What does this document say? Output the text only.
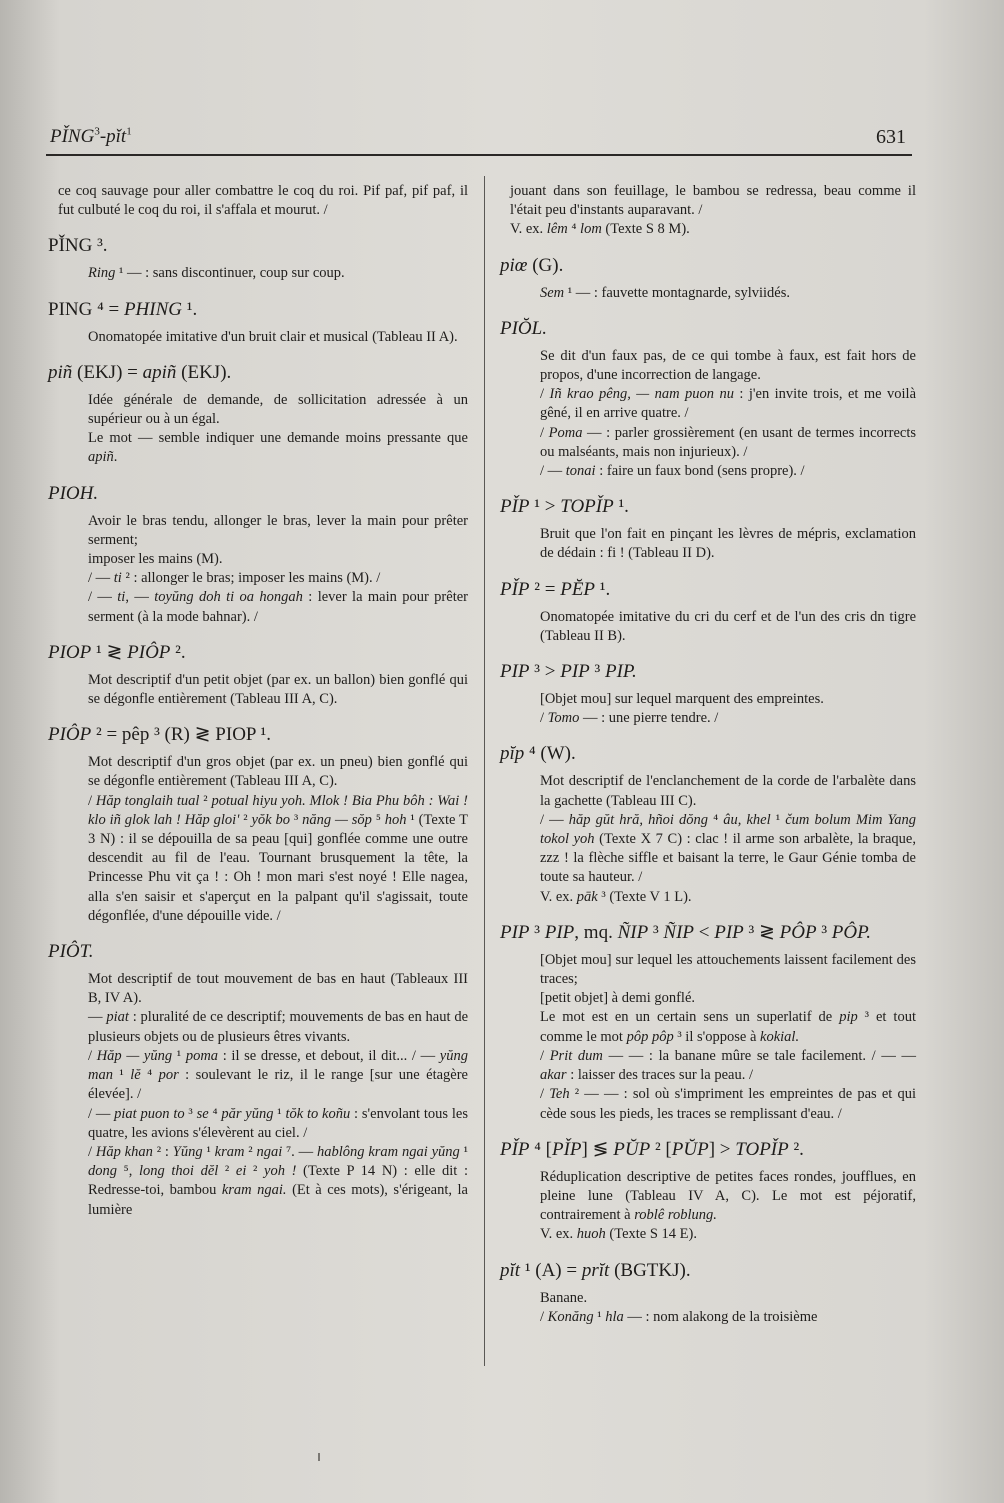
PǏNG$^3$-pǐt$^1$	631

ce coq sauvage pour aller combattre le coq du roi. Pif paf, pif paf, il fut culbuté le coq du roi, il s'affala et mourut. /

PǏNG ³.

Ring ¹ — : sans discontinuer, coup sur coup.

PING ⁴ = PHING ¹.

Onomatopée imitative d'un bruit clair et musical (Tableau II A).

piñ (EKJ) = apiñ (EKJ).

Idée générale de demande, de sollicitation adressée à un supérieur ou à un égal.

Le mot — semble indiquer une demande moins pressante que apiñ.

PIOH.

Avoir le bras tendu, allonger le bras, lever la main pour prêter serment;

imposer les mains (M).

/ — ti ² : allonger le bras; imposer les mains (M). /

/ — ti, — toyŭng doh ti oa hongah : lever la main pour prêter serment (à la mode bahnar). /

PIOP ¹ ≷ PIÔP ².

Mot descriptif d'un petit objet (par ex. un ballon) bien gonflé qui se dégonfle entièrement (Tableau III A, C).

PIÔP ² = pêp ³ (R) ≷ PIOP ¹.

Mot descriptif d'un gros objet (par ex. un pneu) bien gonflé qui se dégonfle entièrement (Tableau III A, C).

/ Hăp tonglaih tual ² potual hiyu yoh. Mlok ! Bia Phu bôh : Wai ! klo iñ glok lah ! Hăp gloi' ² yŏk bo ³ năng — sŏp ⁵ hoh ¹ (Texte T 3 N) : il se dépouilla de sa peau [qui] gonflée comme une outre descendit au fil de l'eau. Tournant brusquement la tête, la Princesse Phu vit ça ! : Oh ! mon mari s'est noyé ! Elle nagea, alla s'en saisir et s'aperçut en la palpant qu'il s'agissait, toute dégonflée, d'une dépouille vide. /

PIÔT.

Mot descriptif de tout mouvement de bas en haut (Tableaux III B, IV A).

— piat : pluralité de ce descriptif; mouvements de bas en haut de plusieurs objets ou de plusieurs êtres vivants.

/ Hăp — yŭng ¹ poma : il se dresse, et debout, il dit... / — yŭng man ¹ lĕ ⁴ por : soulevant le riz, il le range [sur une étagère élevée]. /

/ — piat puon to ³ se ⁴ păr yŭng ¹ tŏk to koñu : s'envolant tous les quatre, les avions s'élevèrent au ciel. /

/ Hăp khan ² : Yŭng ¹ kram ² ngai ⁷. — hablông kram ngai yŭng ¹ dong ⁵, long thoi dĕl ² ei ² yoh ! (Texte P 14 N) : elle dit : Redresse-toi, bambou kram ngai. (Et à ces mots), s'érigeant, la lumière

jouant dans son feuillage, le bambou se redressa, beau comme il l'était peu d'instants auparavant. /

V. ex. lêm ⁴ lom (Texte S 8 M).

piœ (G).

Sem ¹ — : fauvette montagnarde, sylviidés.

PIŎL.

Se dit d'un faux pas, de ce qui tombe à faux, est fait hors de propos, d'une incorrection de langage.

/ Iñ krao pêng, — nam puon nu : j'en invite trois, et me voilà gêné, il en arrive quatre. /

/ Poma — : parler grossièrement (en usant de termes incorrects ou malséants, mais non injurieux). /

/ — tonai : faire un faux bond (sens propre). /

PǏP ¹ > TOPǏP ¹.

Bruit que l'on fait en pinçant les lèvres de mépris, exclamation de dédain : fi ! (Tableau II D).

PǏP ² = PĔP ¹.

Onomatopée imitative du cri du cerf et de l'un des cris dn tigre (Tableau II B).

PIP ³ > PIP ³ PIP.

[Objet mou] sur lequel marquent des empreintes.

/ Tomo — : une pierre tendre. /

pĭp ⁴ (W).

Mot descriptif de l'enclanchement de la corde de l'arbalète dans la gachette (Tableau III C).

/ — hăp gŭt hră, hñoi dŏng ⁴ âu, khel ¹ čum bolum Mim Yang tokol yoh (Texte X 7 C) : clac ! il arme son arbalète, la braque, zzz ! la flèche siffle et baisant la terre, le Gaur Génie tomba de toute sa hauteur. /

V. ex. pāk ³ (Texte V 1 L).

PIP ³ PIP, mq. ÑIP ³ ÑIP < PIP ³ ≷ PÔP ³ PÔP.

[Objet mou] sur lequel les attouchements laissent facilement des traces;

[petit objet] à demi gonflé.

Le mot est en un certain sens un superlatif de pip ³ et tout comme le mot pôp pôp ³ il s'oppose à kokial.

/ Prit dum — — : la banane mûre se tale facilement. / — — akar : laisser des traces sur la peau. /

/ Teh ² — — : sol où s'impriment les empreintes de pas et qui cède sous les pieds, les traces se remplissant d'eau. /

PǏP ⁴ [PǏP] ≶ PŬP ² [PŬP] > TOPǏP ².

Réduplication descriptive de petites faces rondes, joufflues, en pleine lune (Tableau IV A, C). Le mot est péjoratif, contrairement à roblê roblung.

V. ex. huoh (Texte S 14 E).

pĭt ¹ (A) = prĭt (BGTKJ).

Banane.

/ Konăng ¹ hla — : nom alakong de la troisième
